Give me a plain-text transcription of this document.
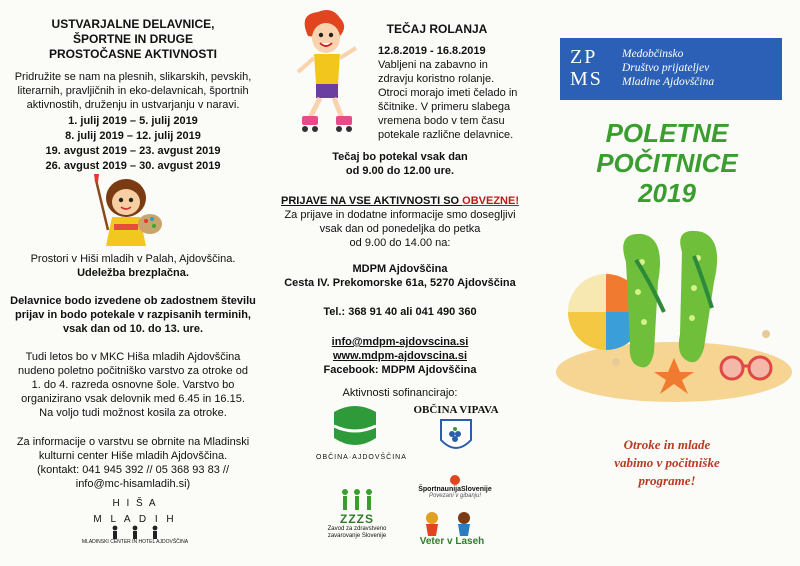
USTVARJALNE DELAVNICE,
ŠPORTNE IN DRUGE
PROSTOČASNE AKTIVNOSTI
Pridružite se nam na plesnih, slikarskih, pevskih,
literarnih, pravljičnih in eko-delavnicah, športnih
aktivnostih, druženju in ustvarjanju v naravi.
1. julij 2019 – 5. julij 2019
8. julij 2019 – 12. julij 2019
19. avgust 2019 – 23. avgust 2019
26. avgust 2019 – 30. avgust 2019
Prostori v Hiši mladih v Palah, Ajdovščina.
Udeležba brezplačna.
Delavnice bodo izvedene ob zadostnem številu
prijav in bodo potekale v razpisanih terminih,
vsak dan od 10. do 13. ure.
Tudi letos bo v MKC Hiša mladih Ajdovščina
nudeno poletno počitniško varstvo za otroke od
1. do 4. razreda osnovne šole. Varstvo bo
organizirano vsak delovnik med 6.45 in 16.15.
Na voljo tudi možnost kosila za otroke.
Za informacije o varstvu se obrnite na Mladinski
kulturni center Hiše mladih Ajdovščina.
(kontakt: 041 945 392 // 05 368 93 83 //
info@mc-hisamladih.si)
H I Š A
M L A D I H
MLADINSKI CENTER IN HOTEL AJDOVŠČINA
TEČAJ ROLANJA
12.8.2019 - 16.8.2019
Vabljeni na zabavno in
zdravju koristno rolanje.
Otroci morajo imeti čelado in
ščitnike. V primeru slabega
vremena bodo v tem času
potekale različne delavnice.
Tečaj bo potekal vsak dan
od 9.00 do 12.00 ure.
PRIJAVE NA VSE AKTIVNOSTI SO OBVEZNE!
Za prijave in dodatne informacije smo dosegljivi
vsak dan od ponedeljka do petka
od 9.00 do 14.00 na:
MDPM Ajdovščina
Cesta IV. Prekomorske 61a, 5270 Ajdovščina
Tel.: 368 91 40 ali 041 490 360
info@mdpm-ajdovscina.si
www.mdpm-ajdovscina.si
Facebook: MDPM Ajdovščina
Aktivnosti sofinancirajo:
OBČINA·AJDOVŠČINA
OBČINA VIPAVA
ZZZS
Zavod za zdravstveno
zavarovanje Slovenije
ŠportnaunijaSlovenije
Povezani v gibanju!
Veter v Laseh
ZP MS
Medobčinsko
Društvo prijateljev
Mladine Ajdovščina
POLETNE
POČITNICE
2019
Otroke in mlade
vabimo v počitniške
programe!
